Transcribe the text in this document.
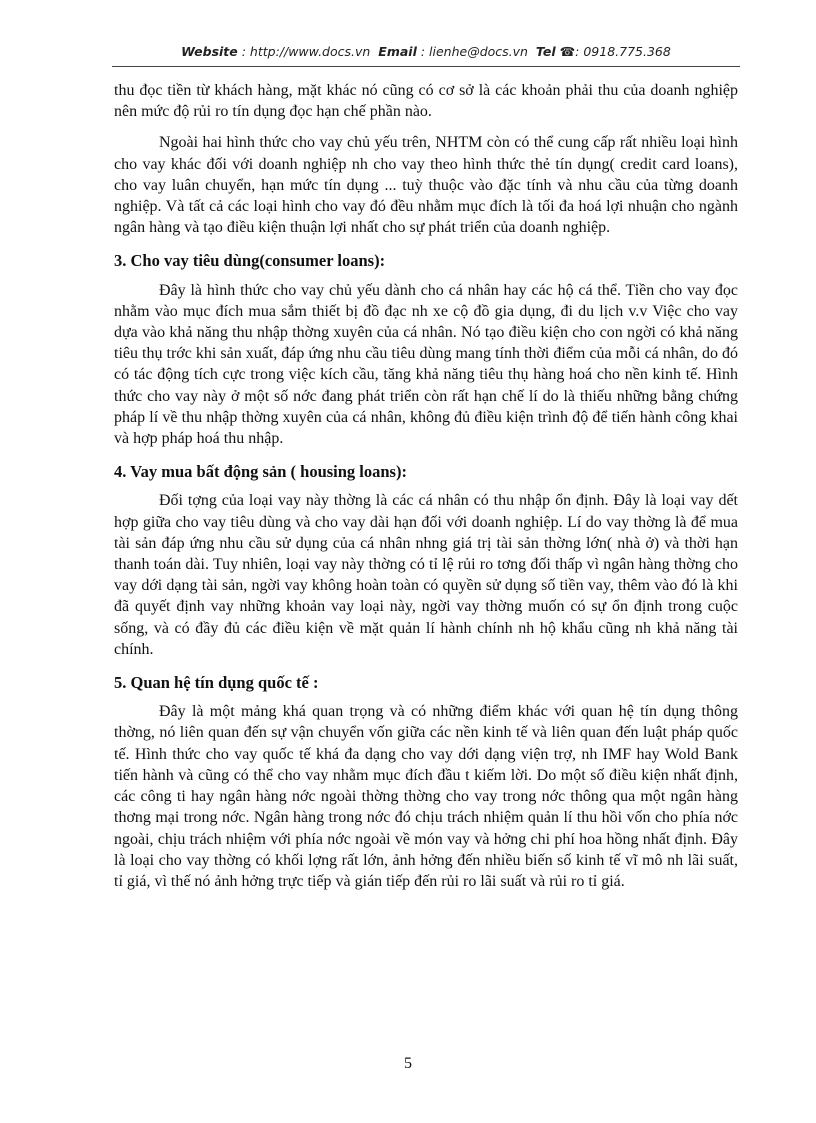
Website : http://www.docs.vn Email : lienhe@docs.vn Tel ☎: 0918.775.368

thu đọc tiền từ khách hàng, mặt khác nó cũng có cơ sở là các khoản phải thu của doanh nghiệp nên mức độ rủi ro tín dụng đọc hạn chế phần nào.

Ngoài hai hình thức cho vay chủ yếu trên, NHTM còn có thể cung cấp rất nhiều loại hình cho vay khác đối với doanh nghiệp nh cho vay theo hình thức thẻ tín dụng( credit card loans), cho vay luân chuyển, hạn mức tín dụng ... tuỳ thuộc vào đặc tính và nhu cầu của từng doanh nghiệp. Và tất cả các loại hình cho vay đó đều nhằm mục đích là tối đa hoá lợi nhuận cho ngành ngân hàng và tạo điều kiện thuận lợi nhất cho sự phát triển của doanh nghiệp.

3. Cho vay tiêu dùng(consumer loans):

Đây là hình thức cho vay chủ yếu dành cho cá nhân hay các hộ cá thể. Tiền cho vay đọc nhằm vào mục đích mua sắm thiết bị đồ đạc nh xe cộ đồ gia dụng, đi du lịch v.v Việc cho vay dựa vào khả năng thu nhập thờng xuyên của cá nhân. Nó tạo điều kiện cho con ngời có khả năng tiêu thụ trớc khi sản xuất, đáp ứng nhu cầu tiêu dùng mang tính thời điểm của mỗi cá nhân, do đó có tác động tích cực trong việc kích cầu, tăng khả năng tiêu thụ hàng hoá cho nền kinh tế. Hình thức cho vay này ở một số nớc đang phát triển còn rất hạn chế lí do là thiếu những bằng chứng pháp lí về thu nhập thờng xuyên của cá nhân, không đủ điều kiện trình độ để tiến hành công khai và hợp pháp hoá thu nhập.

4. Vay mua bất động sản ( housing loans):

Đối tợng của loại vay này thờng là các cá nhân có thu nhập ổn định. Đây là loại vay dết hợp giữa cho vay tiêu dùng và cho vay dài hạn đối với doanh nghiệp. Lí do vay thờng là để mua tài sản đáp ứng nhu cầu sử dụng của cá nhân nhng giá trị tài sản thờng lớn( nhà ở) và thời hạn thanh toán dài. Tuy nhiên, loại vay này thờng có tỉ lệ rủi ro tơng đối thấp vì ngân hàng thờng cho vay dới dạng tài sản, ngời vay không hoàn toàn có quyền sử dụng số tiền vay, thêm vào đó là khi đã quyết định vay những khoản vay loại này, ngời vay thờng muốn có sự ổn định trong cuộc sống, và có đầy đủ các điều kiện về mặt quản lí hành chính nh hộ khẩu cũng nh khả năng tài chính.

5. Quan hệ tín dụng quốc tế :

Đây là một mảng khá quan trọng và có những điểm khác với quan hệ tín dụng thông thờng, nó liên quan đến sự vận chuyển vốn giữa các nền kinh tế và liên quan đến luật pháp quốc tế. Hình thức cho vay quốc tế khá đa dạng cho vay dới dạng viện trợ, nh IMF hay Wold Bank tiến hành và cũng có thể cho vay nhằm mục đích đầu t kiếm lời. Do một số điều kiện nhất định, các công ti hay ngân hàng nớc ngoài thờng thờng cho vay trong nớc thông qua một ngân hàng thơng mại trong nớc. Ngân hàng trong nớc đó chịu trách nhiệm quản lí thu hồi vốn cho phía nớc ngoài, chịu trách nhiệm với phía nớc ngoài về món vay và hởng chi phí hoa hồng nhất định. Đây là loại cho vay thờng có khối lợng rất lớn, ảnh hởng đến nhiều biến số kinh tế vĩ mô nh lãi suất, tỉ giá, vì thế nó ảnh hởng trực tiếp và gián tiếp đến rủi ro lãi suất và rủi ro tỉ giá.

5
